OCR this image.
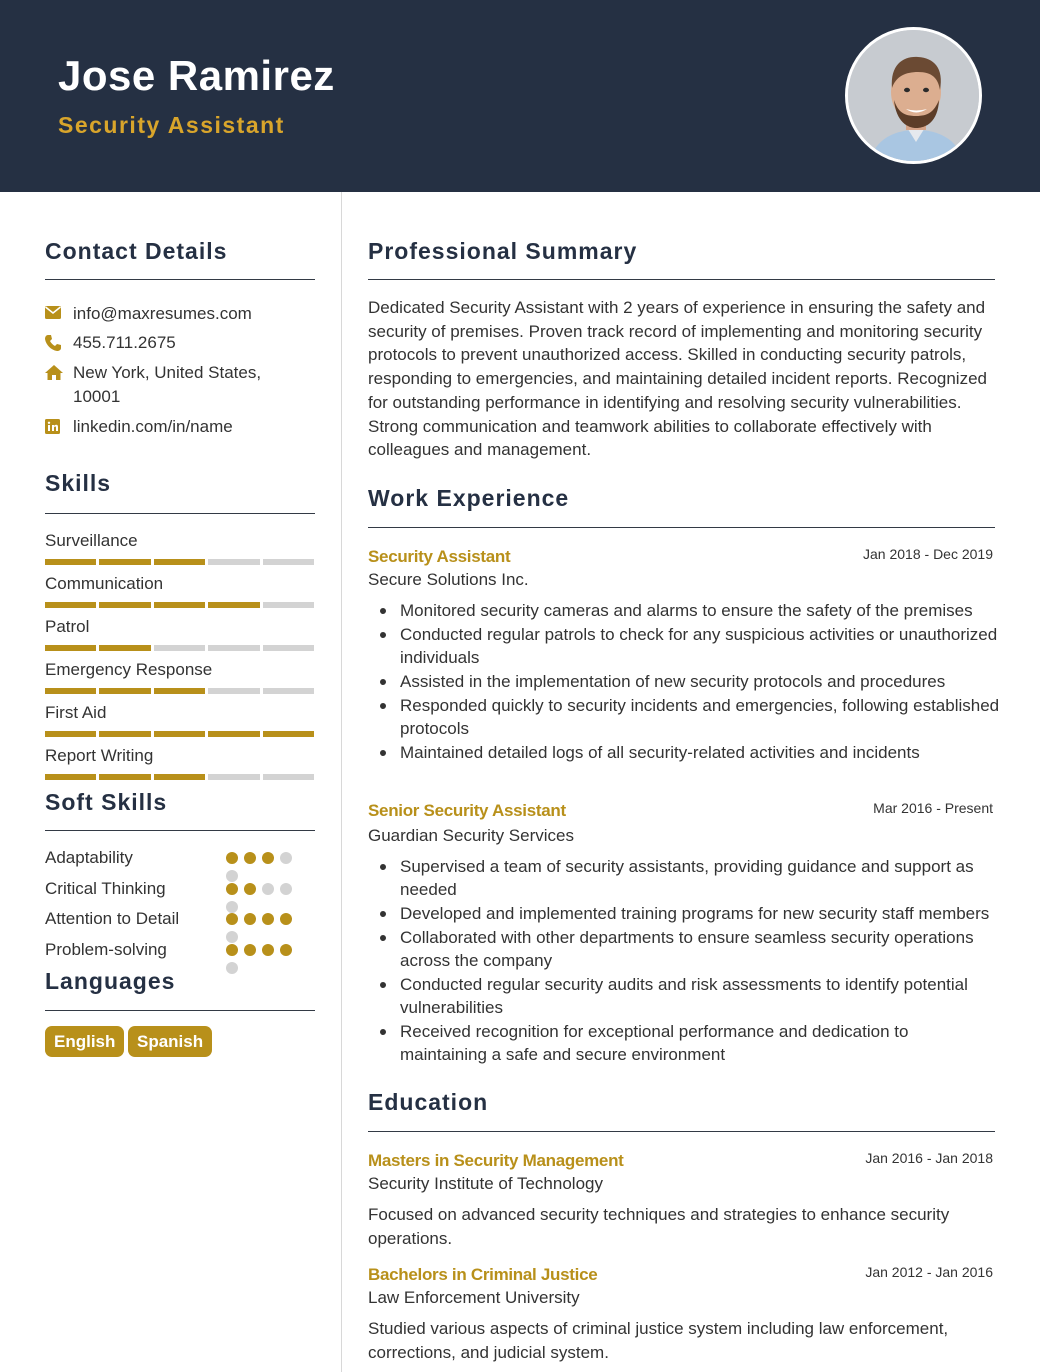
Jose Ramirez
Security Assistant
Contact Details
info@maxresumes.com
455.711.2675
New York, United States, 10001
linkedin.com/in/name
Skills
Surveillance
Communication
Patrol
Emergency Response
First Aid
Report Writing
Soft Skills
Adaptability
Critical Thinking
Attention to Detail
Problem-solving
Languages
English	Spanish
Professional Summary
Dedicated Security Assistant with 2 years of experience in ensuring the safety and security of premises. Proven track record of implementing and monitoring security protocols to prevent unauthorized access. Skilled in conducting security patrols, responding to emergencies, and maintaining detailed incident reports. Recognized for outstanding performance in identifying and resolving security vulnerabilities. Strong communication and teamwork abilities to collaborate effectively with colleagues and management.
Work Experience
Security Assistant	Jan 2018 - Dec 2019
Secure Solutions Inc.
Monitored security cameras and alarms to ensure the safety of the premises
Conducted regular patrols to check for any suspicious activities or unauthorized individuals
Assisted in the implementation of new security protocols and procedures
Responded quickly to security incidents and emergencies, following established protocols
Maintained detailed logs of all security-related activities and incidents
Senior Security Assistant	Mar 2016 - Present
Guardian Security Services
Supervised a team of security assistants, providing guidance and support as needed
Developed and implemented training programs for new security staff members
Collaborated with other departments to ensure seamless security operations across the company
Conducted regular security audits and risk assessments to identify potential vulnerabilities
Received recognition for exceptional performance and dedication to maintaining a safe and secure environment
Education
Masters in Security Management	Jan 2016 - Jan 2018
Security Institute of Technology
Focused on advanced security techniques and strategies to enhance security operations.
Bachelors in Criminal Justice	Jan 2012 - Jan 2016
Law Enforcement University
Studied various aspects of criminal justice system including law enforcement, corrections, and judicial system.
